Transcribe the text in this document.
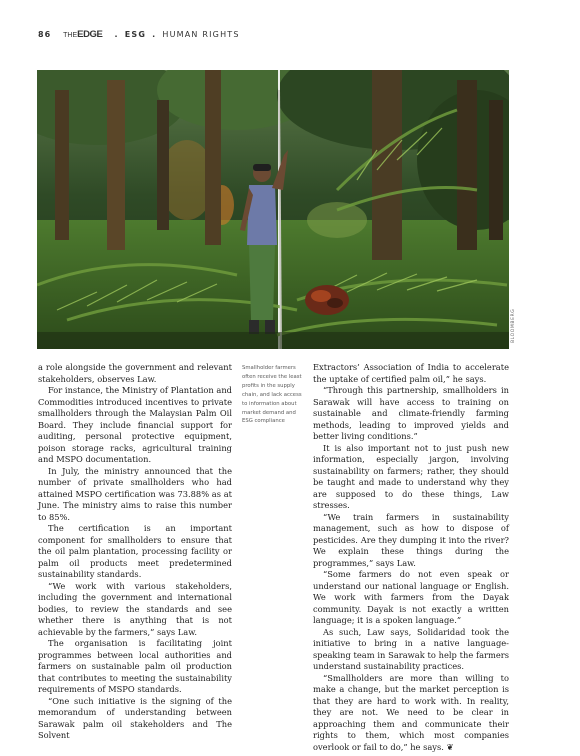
86 THEEDGE . ESG . HUMAN RIGHTS
BLOOMBERG

a role alongside the government and relevant stakeholders, observes Law.

For instance, the Ministry of Plantation and Commodities introduced incentives to private smallholders through the Malaysian Palm Oil Board. They include financial support for auditing, personal protective equipment, poison storage racks, agricultural training and MSPO documentation.

In July, the ministry announced that the number of private smallholders who had attained MSPO certification was 73.88% as at June. The ministry aims to raise this number to 85%.

The certification is an important component for smallholders to ensure that the oil palm plantation, processing facility or palm oil products meet predetermined sustainability standards.

“We work with various stakeholders, including the government and international bodies, to review the standards and see whether there is anything that is not achievable by the farmers,” says Law.

The organisation is facilitating joint programmes between local authorities and farmers on sustainable palm oil production that contributes to meeting the sustainability requirements of MSPO standards.

“One such initiative is the signing of the memorandum of understanding between Sarawak palm oil stakeholders and The Solvent

Smallholder farmers often receive the least profits in the supply chain, and lack access to information about market demand and ESG compliance

Extractors’ Association of India to accelerate the uptake of certified palm oil,” he says.

“Through this partnership, smallholders in Sarawak will have access to training on sustainable and climate-friendly farming methods, leading to improved yields and better living conditions.”

It is also important not to just push new information, especially jargon, involving sustainability on farmers; rather, they should be taught and made to understand why they are supposed to do these things, Law stresses.

“We train farmers in sustainability management, such as how to dispose of pesticides. Are they dumping it into the river? We explain these things during the programmes,” says Law.

“Some farmers do not even speak or understand our national language or English. We work with farmers from the Dayak community. Dayak is not exactly a written language; it is a spoken language.”

As such, Law says, Solidaridad took the initiative to bring in a native language-speaking team in Sarawak to help the farmers understand sustainability practices.

“Smallholders are more than willing to make a change, but the market perception is that they are hard to work with. In reality, they are not. We need to be clear in approaching them and communicate their rights to them, which most companies overlook or fail to do,” he says. ❦
